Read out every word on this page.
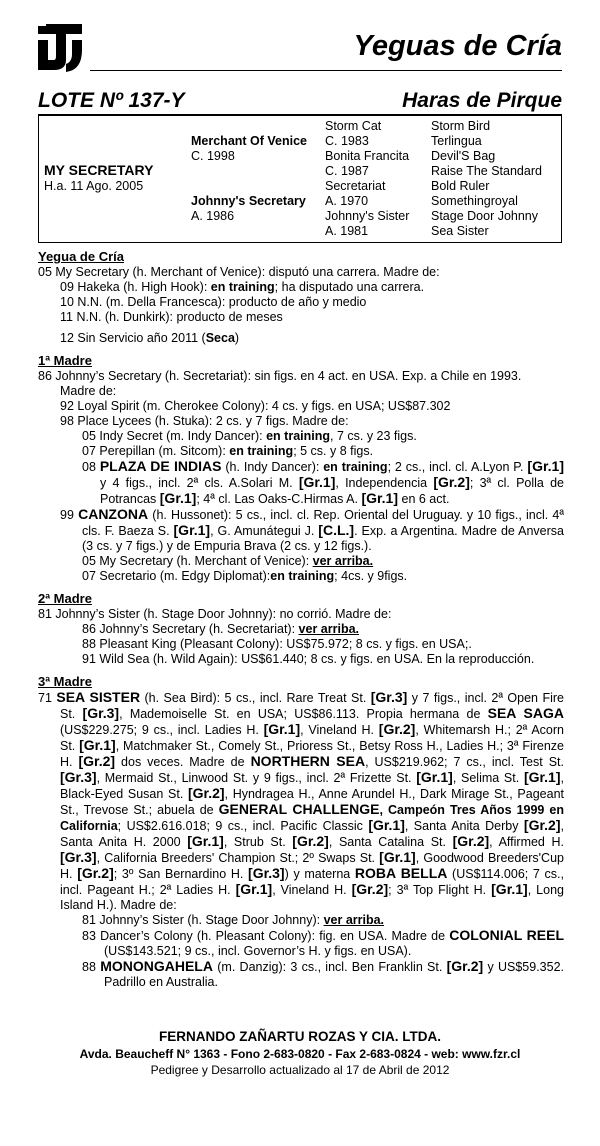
Yeguas de Cría
LOTE Nº 137-Y	Haras de Pirque
MY SECRETARY
H.a. 11 Ago. 2005
Merchant Of Venice
C. 1998
Johnny's Secretary
A. 1986
Storm Cat
C. 1983
Bonita Francita
C. 1987
Secretariat
A. 1970
Johnny's Sister
A. 1981
Storm Bird
Terlingua
Devil'S Bag
Raise The Standard
Bold Ruler
Somethingroyal
Stage Door Johnny
Sea Sister
Yegua de Cría

05 My Secretary (h. Merchant of Venice): disputó una carrera. Madre de:

09 Hakeka (h. High Hook): en training; ha disputado una carrera.

10 N.N. (m. Della Francesca): producto de año y medio

11 N.N. (h. Dunkirk): producto de meses

12 Sin Servicio año 2011 (Seca)

1ª Madre

86 Johnny’s Secretary (h. Secretariat): sin figs. en 4 act. en USA. Exp. a Chile en 1993.

Madre de:

92 Loyal Spirit (m. Cherokee Colony): 4 cs. y figs. en USA; US$87.302

98 Place Lycees (h. Stuka): 2 cs. y 7 figs. Madre de:

05 Indy Secret (m. Indy Dancer): en training, 7 cs. y 23 figs.

07 Perepillan (m. Sitcom): en training; 5 cs. y 8 figs.

08 PLAZA DE INDIAS (h. Indy Dancer): en training; 2 cs., incl. cl. A.Lyon P. [Gr.1] y 4 figs., incl. 2ª cls. A.Solari M. [Gr.1], Independencia [Gr.2]; 3ª cl. Polla de Potrancas [Gr.1]; 4ª cl. Las Oaks-C.Hirmas A. [Gr.1] en 6 act.

99 CANZONA (h. Hussonet): 5 cs., incl. cl. Rep. Oriental del Uruguay. y 10 figs., incl. 4ª cls. F. Baeza S. [Gr.1], G. Amunátegui J. [C.L.]. Exp. a Argentina. Madre de Anversa (3 cs. y 7 figs.) y de Empuria Brava (2 cs. y 12 figs.).

05 My Secretary (h. Merchant of Venice): ver arriba.

07 Secretario (m. Edgy Diplomat):en training; 4cs. y 9figs.

2ª Madre

81 Johnny’s Sister (h. Stage Door Johnny): no corrió. Madre de:

86 Johnny’s Secretary (h. Secretariat): ver arriba.

88 Pleasant King (Pleasant Colony): US$75.972; 8 cs. y figs. en USA;.

91 Wild Sea (h. Wild Again): US$61.440; 8 cs. y figs. en USA. En la reproducción.

3ª Madre

71 SEA SISTER (h. Sea Bird): 5 cs., incl. Rare Treat St. [Gr.3] y 7 figs., incl. 2ª Open Fire St. [Gr.3], Mademoiselle St. en USA; US$86.113. Propia hermana de SEA SAGA (US$229.275; 9 cs., incl. Ladies H. [Gr.1], Vineland H. [Gr.2], Whitemarsh H.; 2ª Acorn St. [Gr.1], Matchmaker St., Comely St., Prioress St., Betsy Ross H., Ladies H.; 3ª Firenze H. [Gr.2] dos veces. Madre de NORTHERN SEA, US$219.962; 7 cs., incl. Test St. [Gr.3], Mermaid St., Linwood St. y 9 figs., incl. 2ª Frizette St. [Gr.1], Selima St. [Gr.1], Black-Eyed Susan St. [Gr.2], Hyndragea H., Anne Arundel H., Dark Mirage St., Pageant St., Trevose St.; abuela de GENERAL CHALLENGE, Campeón Tres Años 1999 en California; US$2.616.018; 9 cs., incl. Pacific Classic [Gr.1], Santa Anita Derby [Gr.2], Santa Anita H. 2000 [Gr.1], Strub St. [Gr.2], Santa Catalina St. [Gr.2], Affirmed H. [Gr.3], California Breeders' Champion St.; 2º Swaps St. [Gr.1], Goodwood Breeders'Cup H. [Gr.2]; 3º San Bernardino H. [Gr.3]) y materna ROBA BELLA (US$114.006; 7 cs., incl. Pageant H.; 2ª Ladies H. [Gr.1], Vineland H. [Gr.2]; 3ª Top Flight H. [Gr.1], Long Island H.). Madre de:

81 Johnny’s Sister (h. Stage Door Johnny): ver arriba.

83 Dancer’s Colony (h. Pleasant Colony): fig. en USA. Madre de COLONIAL REEL (US$143.521; 9 cs., incl. Governor’s H. y figs. en USA).

88 MONONGAHELA (m. Danzig): 3 cs., incl. Ben Franklin St. [Gr.2] y US$59.352. Padrillo en Australia.

FERNANDO ZAÑARTU ROZAS Y CIA. LTDA.
Avda. Beaucheff N° 1363 - Fono 2-683-0820 - Fax 2-683-0824 - web: www.fzr.cl
Pedigree y Desarrollo actualizado al 17 de Abril de 2012
